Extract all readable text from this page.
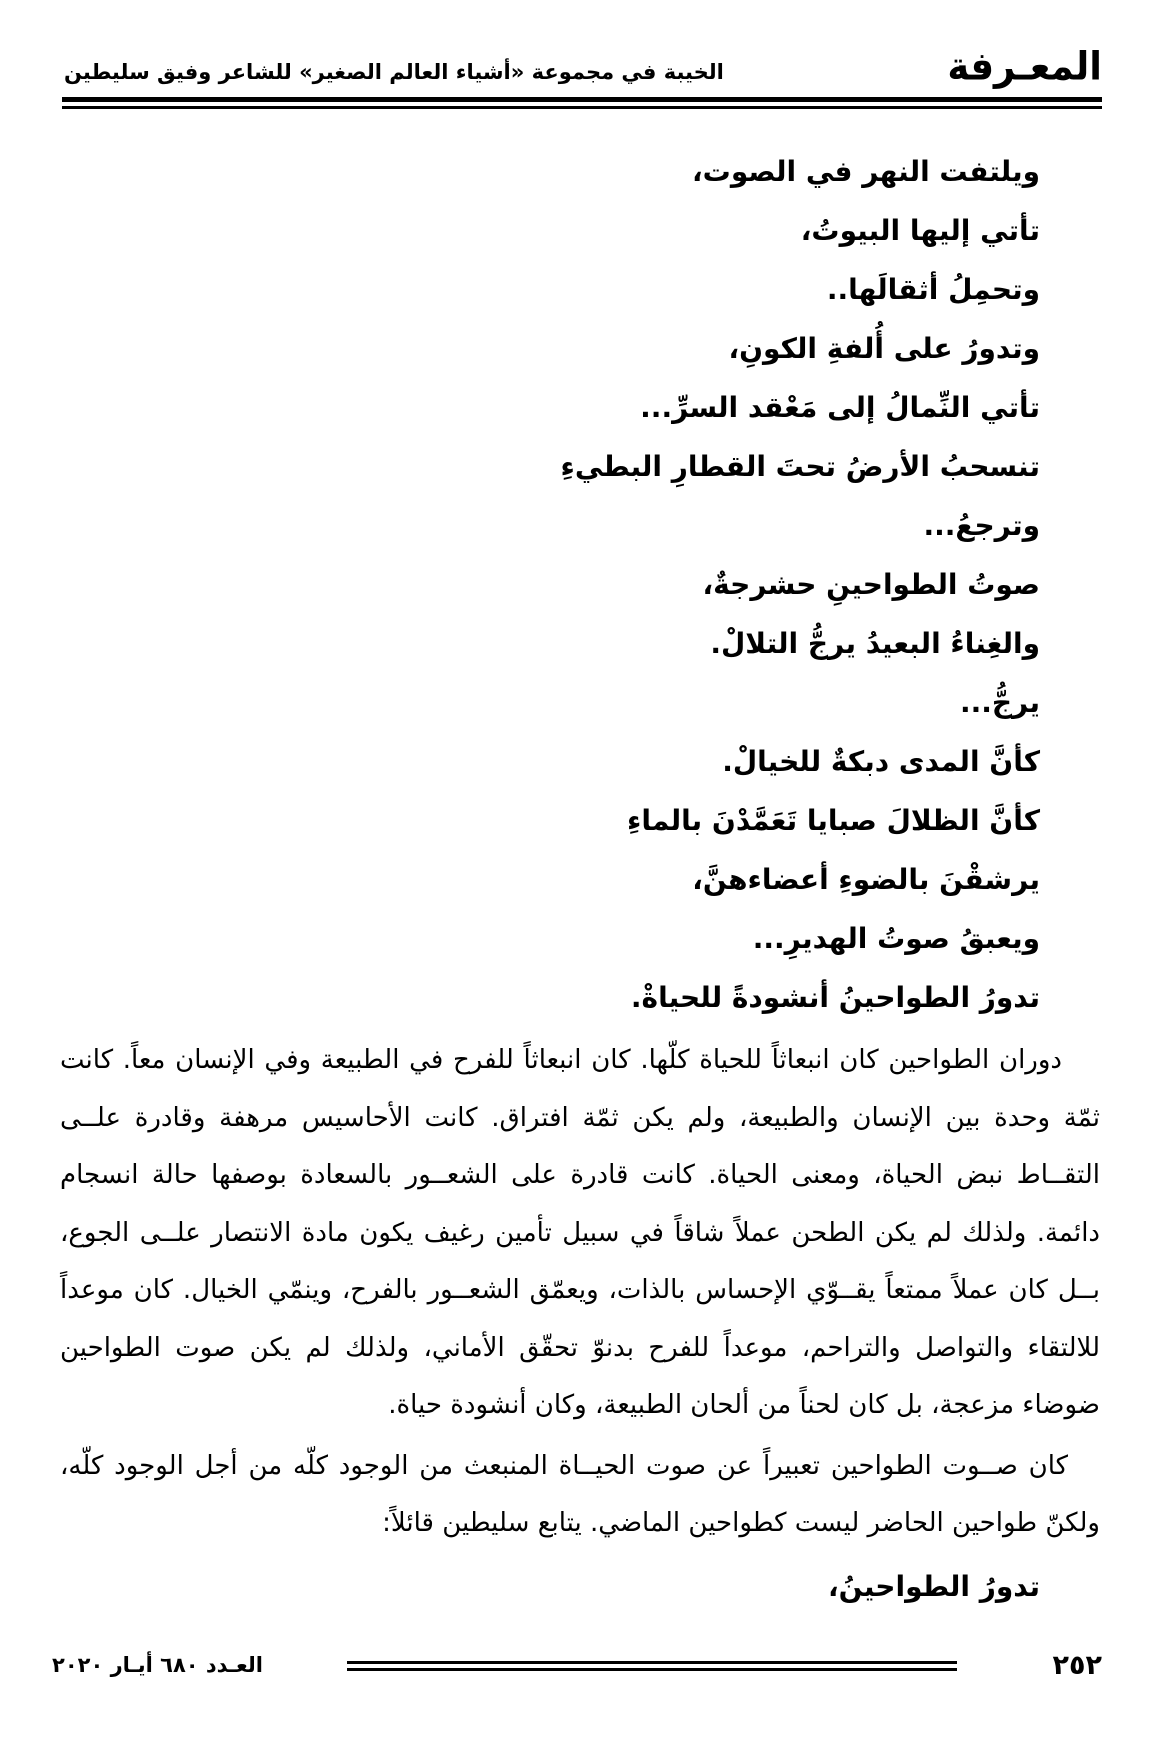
المعـرفة
الخيبة في مجموعة «أشياء العالم الصغير» للشاعر وفيق سليطين
ويلتفت النهر في الصوت،
تأتي إليها البيوتُ،
وتحمِلُ أثقالَها..
وتدورُ على أُلفةِ الكونِ،
تأتي النِّمالُ إلى مَعْقد السرِّ...
تنسحبُ الأرضُ تحتَ القطارِ البطيءِ
وترجعُ...
صوتُ الطواحينِ حشرجةٌ،
والغِناءُ البعيدُ يرجُّ التلالْ.
يرجُّ...
كأنَّ المدى دبكةٌ للخيالْ.
كأنَّ الظلالَ صبايا تَعَمَّدْنَ بالماءِ
يرشقْنَ بالضوءِ أعضاءهنَّ،
ويعبقُ صوتُ الهديرِ...
تدورُ الطواحينُ أنشودةً للحياةْ.

دوران الطواحين كان انبعاثاً للحياة كلّها. كان انبعاثاً للفرح في الطبيعة وفي الإنسان معاً. كانت ثمّة وحدة بين الإنسان والطبيعة، ولم يكن ثمّة افتراق. كانت الأحاسيس مرهفة وقادرة علــى التقــاط نبض الحياة، ومعنى الحياة. كانت قادرة على الشعــور بالسعادة بوصفها حالة انسجام دائمة. ولذلك لم يكن الطحن عملاً شاقاً في سبيل تأمين رغيف يكون مادة الانتصار علــى الجوع، بــل كان عملاً ممتعاً يقــوّي الإحساس بالذات، ويعمّق الشعــور بالفرح، وينمّي الخيال. كان موعداً للالتقاء والتواصل والتراحم، موعداً للفرح بدنوّ تحقّق الأماني، ولذلك لم يكن صوت الطواحين ضوضاء مزعجة، بل كان لحناً من ألحان الطبيعة، وكان أنشودة حياة.

كان صــوت الطواحين تعبيراً عن صوت الحيــاة المنبعث من الوجود كلّه من أجل الوجود كلّه، ولكنّ طواحين الحاضر ليست كطواحين الماضي. يتابع سليطين قائلاً:

تدورُ الطواحينُ،
٢٥٢
العـدد ٦٨٠ أيـار ٢٠٢٠
